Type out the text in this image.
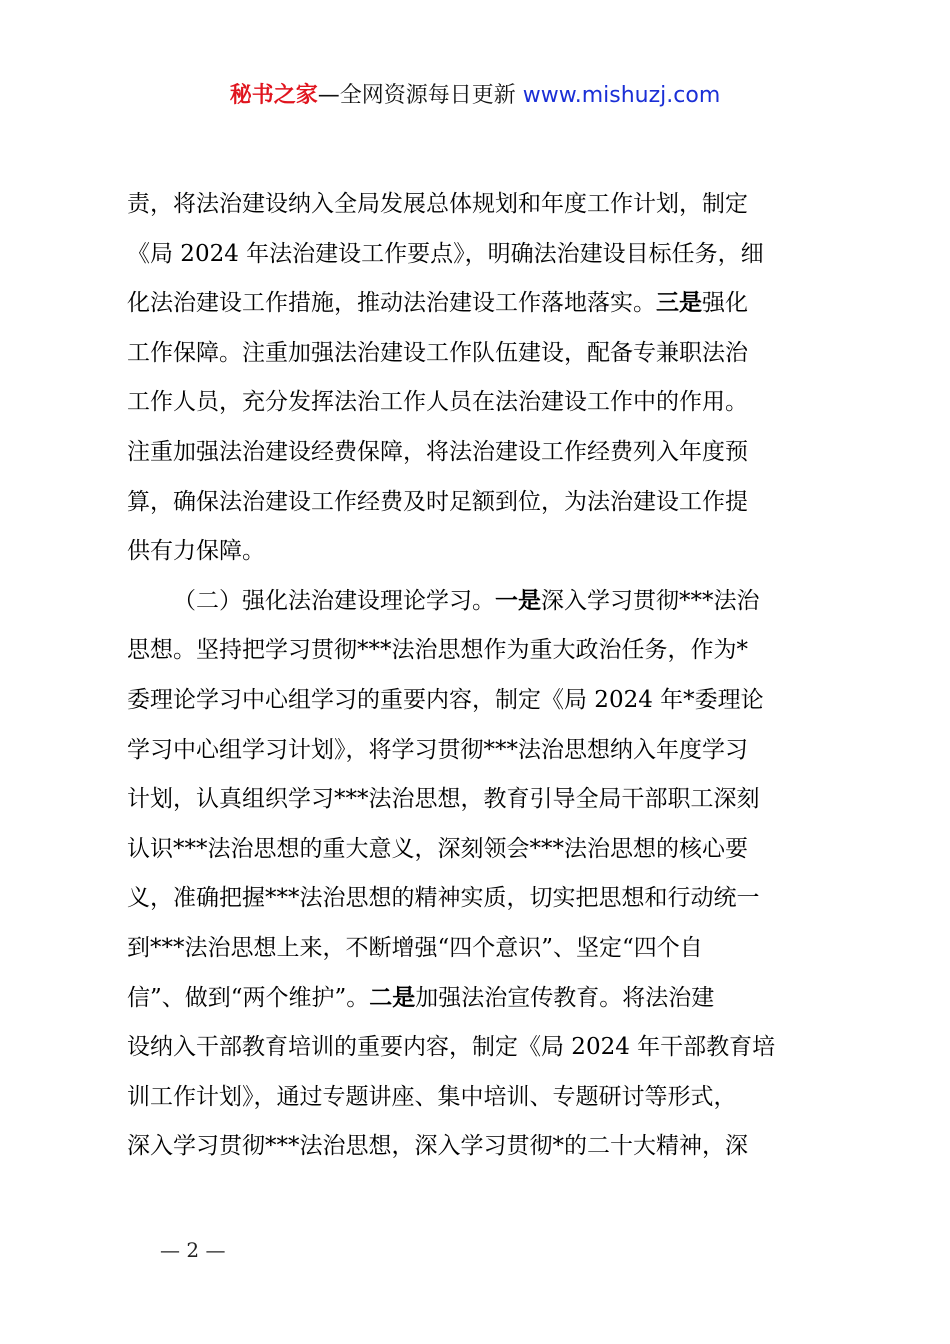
秘书之家—全网资源每日更新 www.mishuzj.com
责，将法治建设纳入全局发展总体规划和年度工作计划，制定
《局 2024 年法治建设工作要点》，明确法治建设目标任务，细
化法治建设工作措施，推动法治建设工作落地落实。三是强化
工作保障。注重加强法治建设工作队伍建设，配备专兼职法治
工作人员，充分发挥法治工作人员在法治建设工作中的作用。
注重加强法治建设经费保障，将法治建设工作经费列入年度预
算，确保法治建设工作经费及时足额到位，为法治建设工作提
供有力保障。
（二）强化法治建设理论学习。一是深入学习贯彻***法治
思想。坚持把学习贯彻***法治思想作为重大政治任务，作为*
委理论学习中心组学习的重要内容，制定《局 2024 年*委理论
学习中心组学习计划》，将学习贯彻***法治思想纳入年度学习
计划，认真组织学习***法治思想，教育引导全局干部职工深刻
认识***法治思想的重大意义，深刻领会***法治思想的核心要
义，准确把握***法治思想的精神实质，切实把思想和行动统一
到***法治思想上来，不断增强“四个意识”、坚定“四个自
信”、做到“两个维护”。二是加强法治宣传教育。将法治建
设纳入干部教育培训的重要内容，制定《局 2024 年干部教育培
训工作计划》，通过专题讲座、集中培训、专题研讨等形式，
深入学习贯彻***法治思想，深入学习贯彻*的二十大精神，深
— 2 —
